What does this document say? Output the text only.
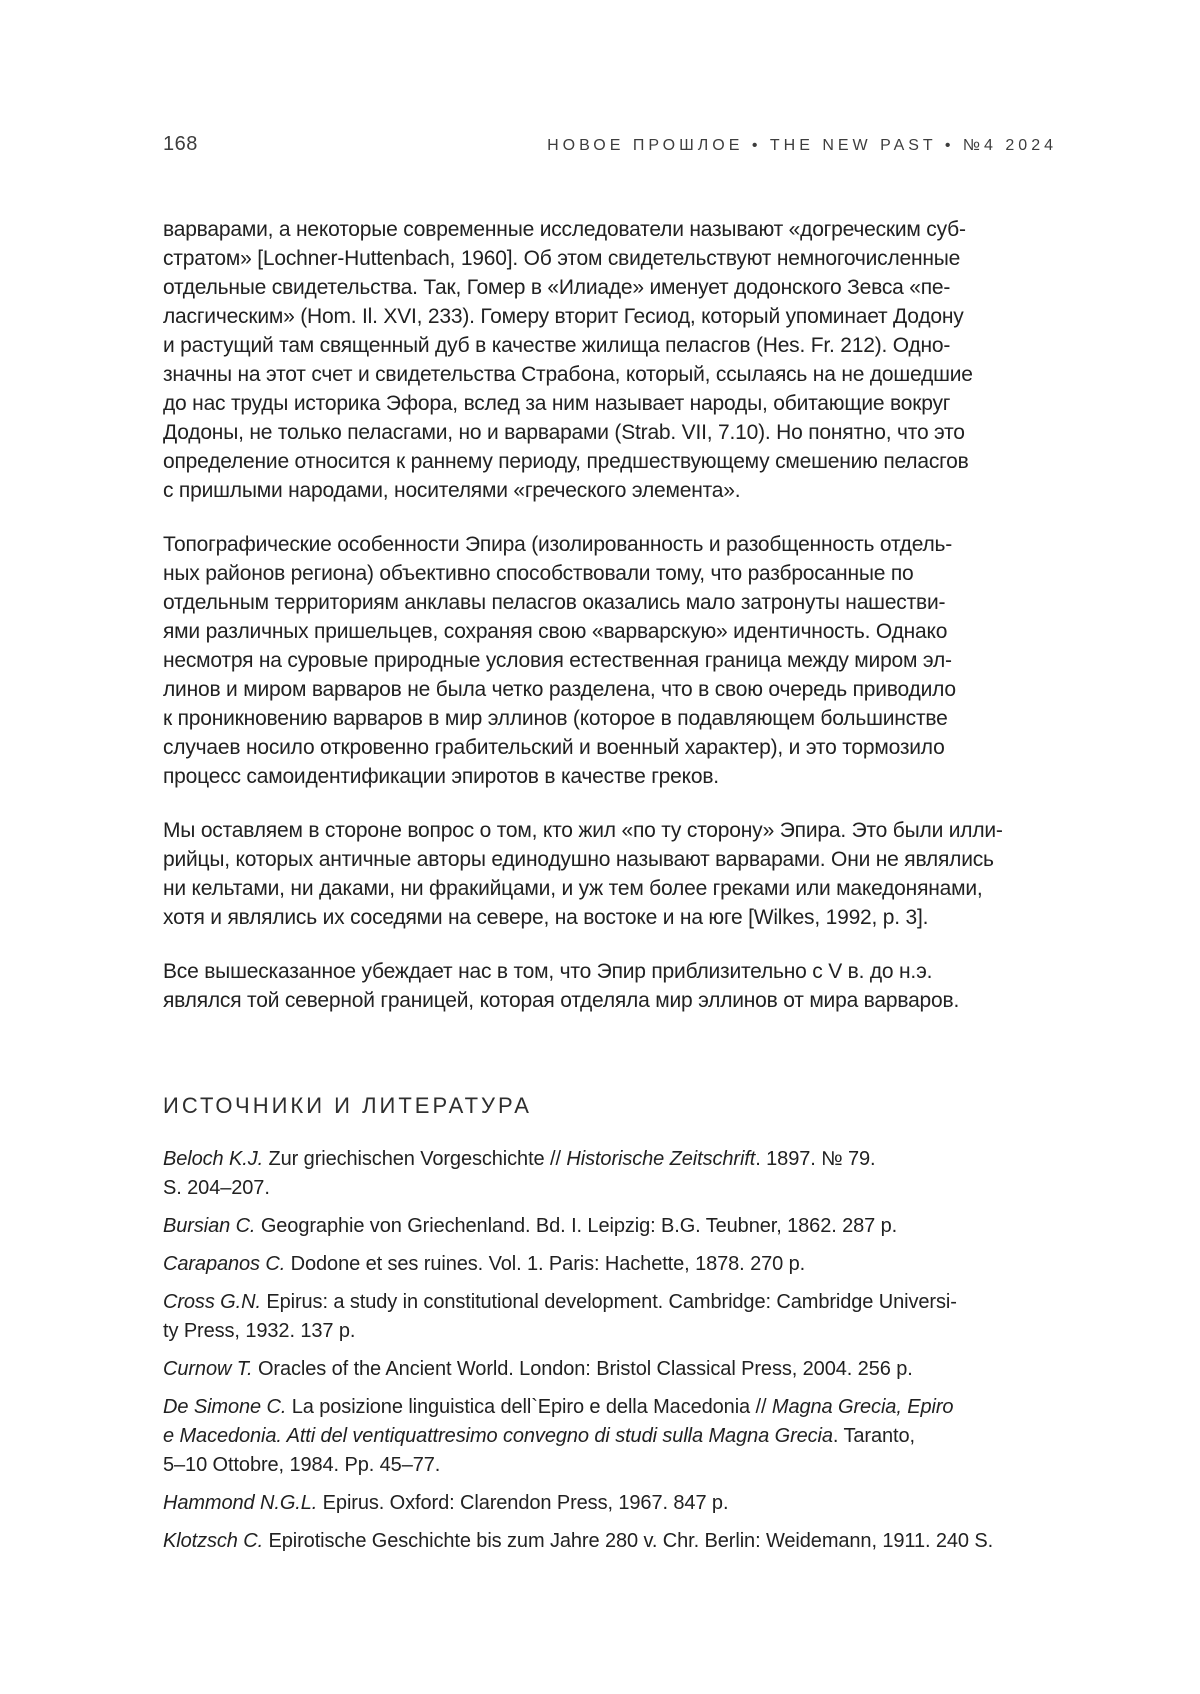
168	НОВОЕ ПРОШЛОЕ • THE NEW PAST • №4 2024
варварами, а некоторые современные исследователи называют «догреческим суб-
стратом» [Lochner-Huttenbach, 1960]. Об этом свидетельствуют немногочисленные
отдельные свидетельства. Так, Гомер в «Илиаде» именует додонского Зевса «пе-
ласгическим» (Hom. Il. XVI, 233). Гомеру вторит Гесиод, который упоминает Додону
и растущий там священный дуб в качестве жилища пеласгов (Hes. Fr. 212). Одно-
значны на этот счет и свидетельства Страбона, который, ссылаясь на не дошедшие
до нас труды историка Эфора, вслед за ним называет народы, обитающие вокруг
Додоны, не только пеласгами, но и варварами (Strab. VII, 7.10). Но понятно, что это
определение относится к раннему периоду, предшествующему смешению пеласгов
с пришлыми народами, носителями «греческого элемента».
Топографические особенности Эпира (изолированность и разобщенность отдель-
ных районов региона) объективно способствовали тому, что разбросанные по
отдельным территориям анклавы пеласгов оказались мало затронуты нашестви-
ями различных пришельцев, сохраняя свою «варварскую» идентичность. Однако
несмотря на суровые природные условия естественная граница между миром эл-
линов и миром варваров не была четко разделена, что в свою очередь приводило
к проникновению варваров в мир эллинов (которое в подавляющем большинстве
случаев носило откровенно грабительский и военный характер), и это тормозило
процесс самоидентификации эпиротов в качестве греков.
Мы оставляем в стороне вопрос о том, кто жил «по ту сторону» Эпира. Это были илли-
рийцы, которых античные авторы единодушно называют варварами. Они не являлись
ни кельтами, ни даками, ни фракийцами, и уж тем более греками или македонянами,
хотя и являлись их соседями на севере, на востоке и на юге [Wilkes, 1992, p. 3].
Все вышесказанное убеждает нас в том, что Эпир приблизительно с V в. до н.э.
являлся той северной границей, которая отделяла мир эллинов от мира варваров.
ИСТОЧНИКИ И ЛИТЕРАТУРА
Beloch K.J. Zur griechischen Vorgeschichte // Historische Zeitschrift. 1897. № 79.
S. 204–207.
Bursian C. Geographie von Griechenland. Bd. I. Leipzig: B.G. Teubner, 1862. 287 p.
Carapanos C. Dodone et ses ruines. Vol. 1. Paris: Hachette, 1878. 270 p.
Cross G.N. Epirus: a study in constitutional development. Cambridge: Cambridge Universi-
ty Press, 1932. 137 p.
Curnow T. Oracles of the Ancient World. London: Bristol Classical Press, 2004. 256 p.
De Simone C. La posizione linguistica dell`Epiro e della Macedonia // Magna Grecia, Epiro
e Macedonia. Atti del ventiquattresimo convegno di studi sulla Magna Grecia. Taranto,
5–10 Ottobre, 1984. Pp. 45–77.
Hammond N.G.L. Epirus. Oxford: Clarendon Press, 1967. 847 p.
Klotzsch C. Epirotische Geschichte bis zum Jahre 280 v. Chr. Berlin: Weidemann, 1911. 240 S.
